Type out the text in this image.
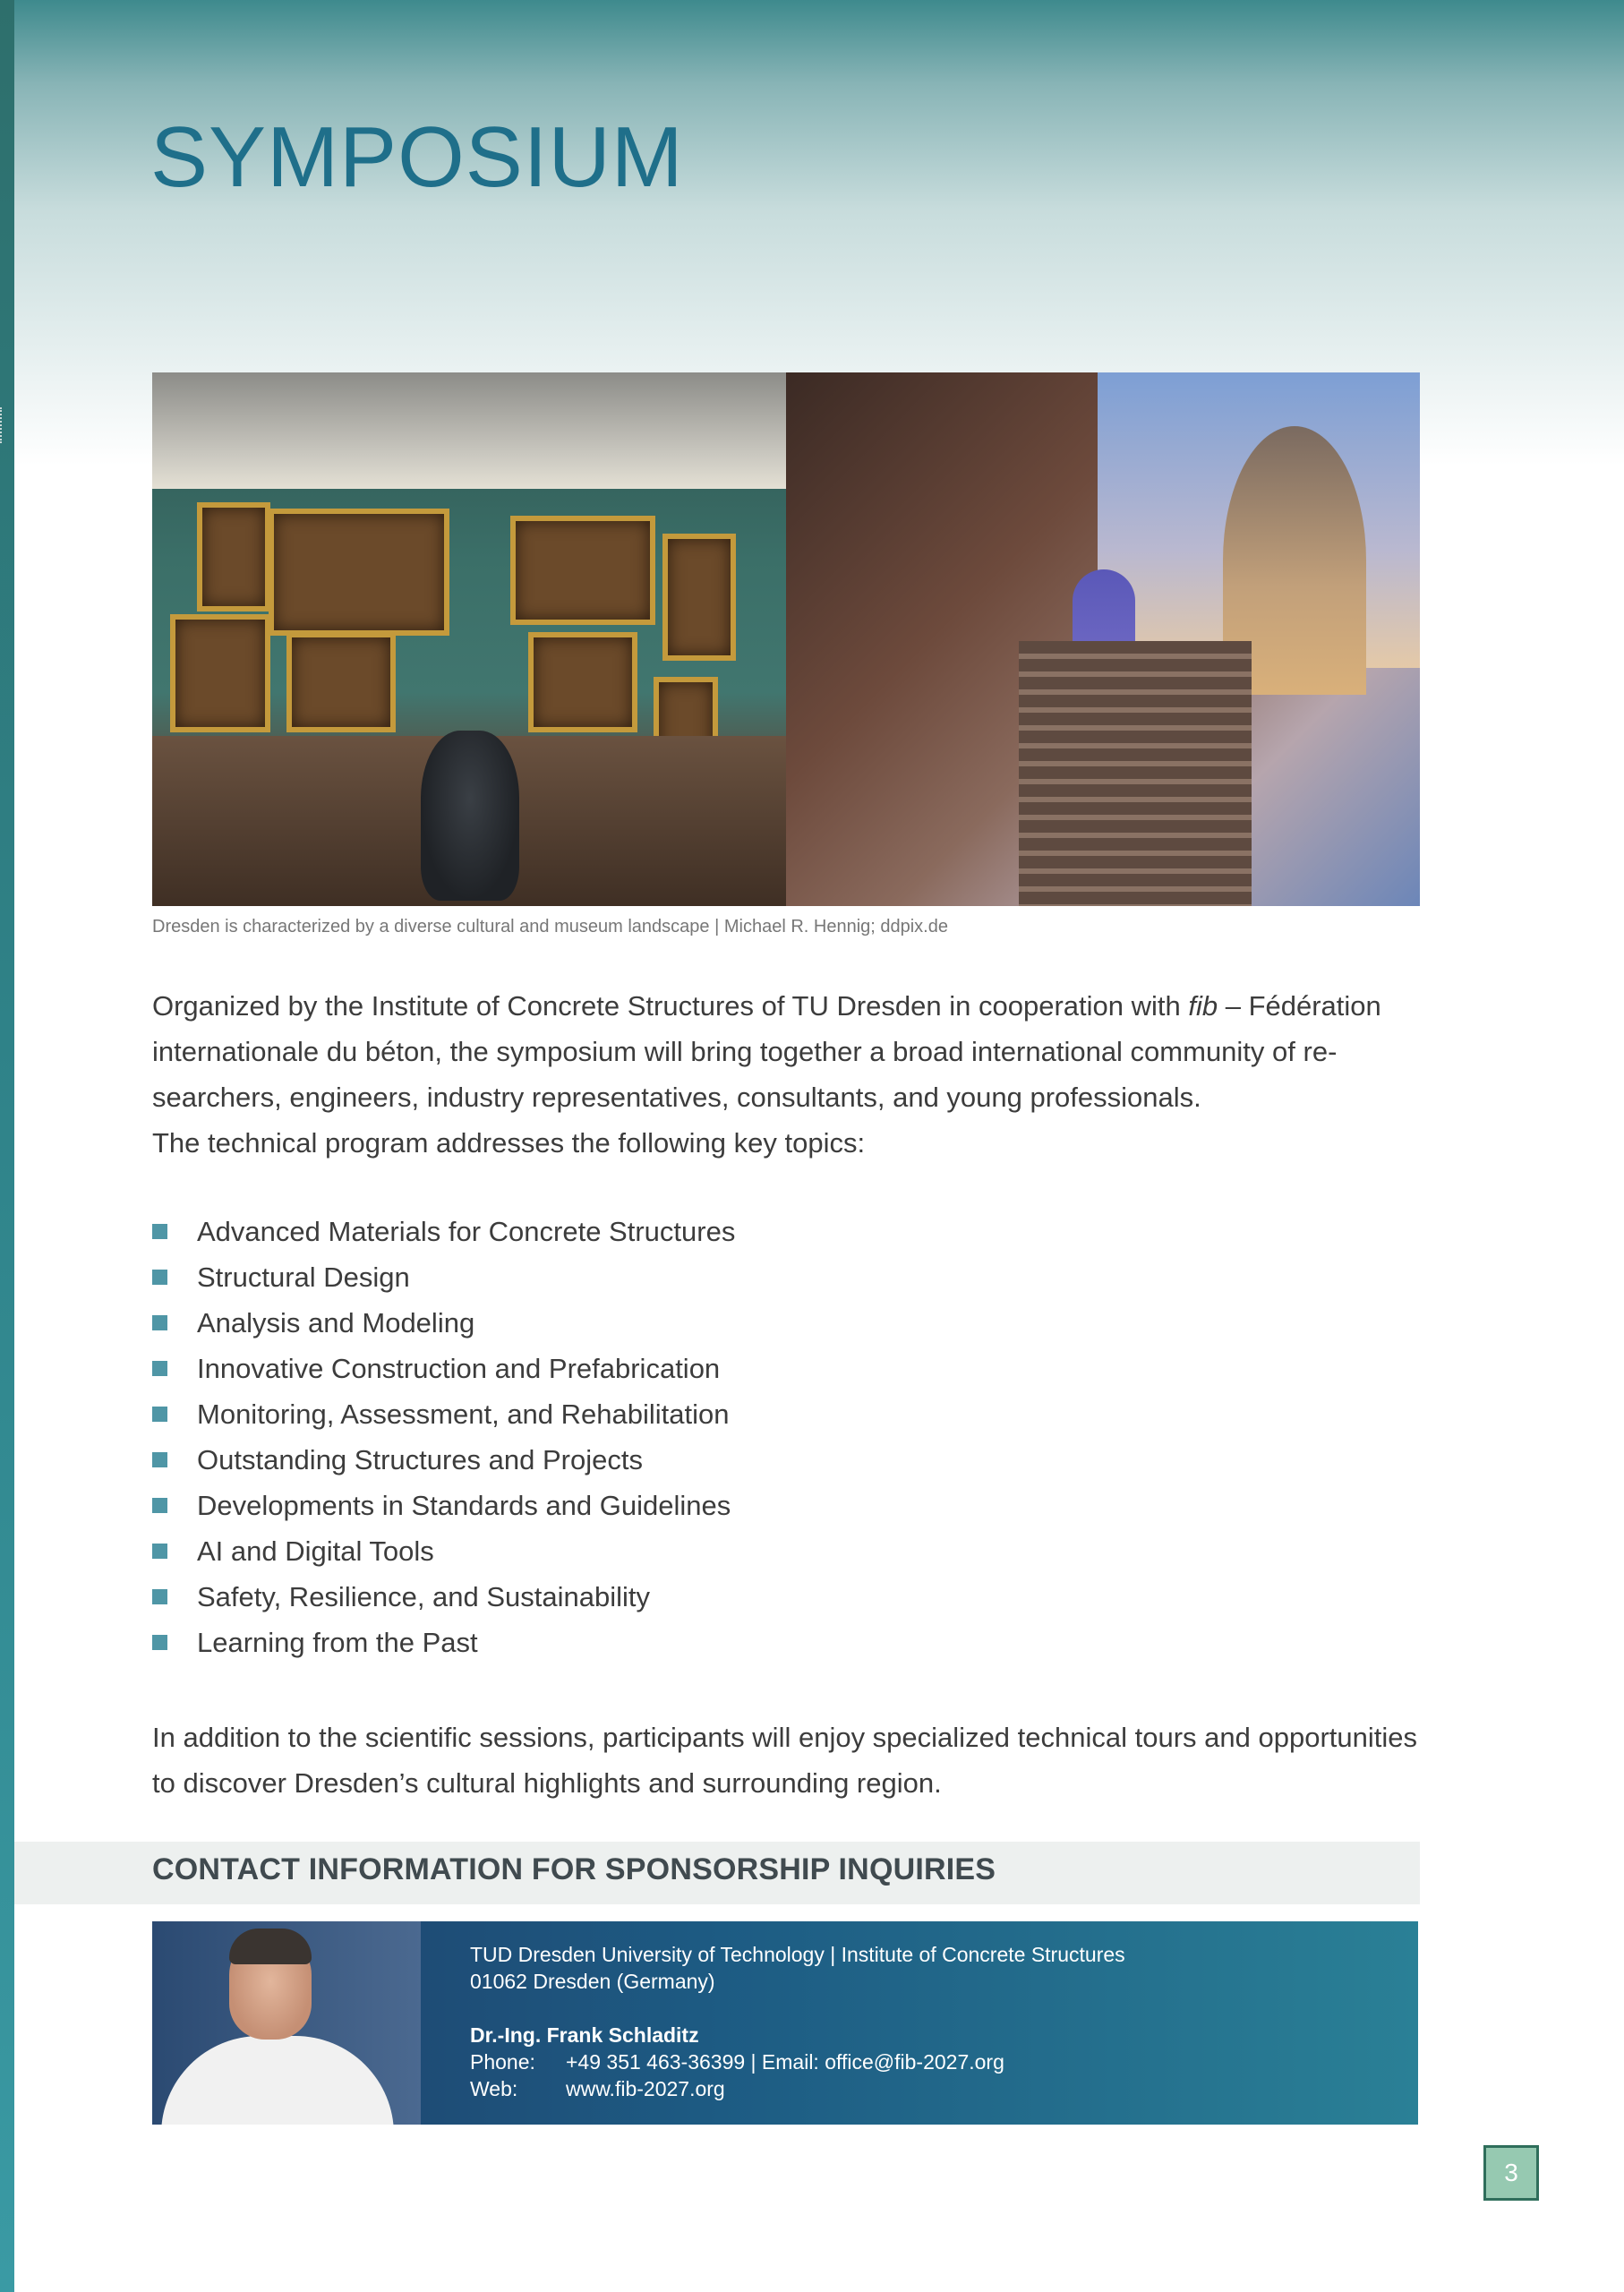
SYMPOSIUM

Dresden is characterized by a diverse cultural and museum landscape | Michael R. Hennig; ddpix.de

Organized by the Institute of Concrete Structures of TU Dresden in cooperation with fib – Fédération internationale du béton, the symposium will bring together a broad international community of researchers, engineers, industry representatives, consultants, and young professionals.

The technical program addresses the following key topics:

Advanced Materials for Concrete Structures
Structural Design
Analysis and Modeling
Innovative Construction and Prefabrication
Monitoring, Assessment, and Rehabilitation
Outstanding Structures and Projects
Developments in Standards and Guidelines
AI and Digital Tools
Safety, Resilience, and Sustainability
Learning from the Past

In addition to the scientific sessions, participants will enjoy specialized technical tours and opportunities to discover Dresden’s cultural highlights and surrounding region.

CONTACT INFORMATION FOR SPONSORSHIP INQUIRIES
TUD Dresden University of Technology | Institute of Concrete Structures
01062 Dresden (Germany)
Dr.-Ing. Frank Schladitz
Phone: +49 351 463-36399 | Email: office@fib-2027.org
Web: www.fib-2027.org
3
